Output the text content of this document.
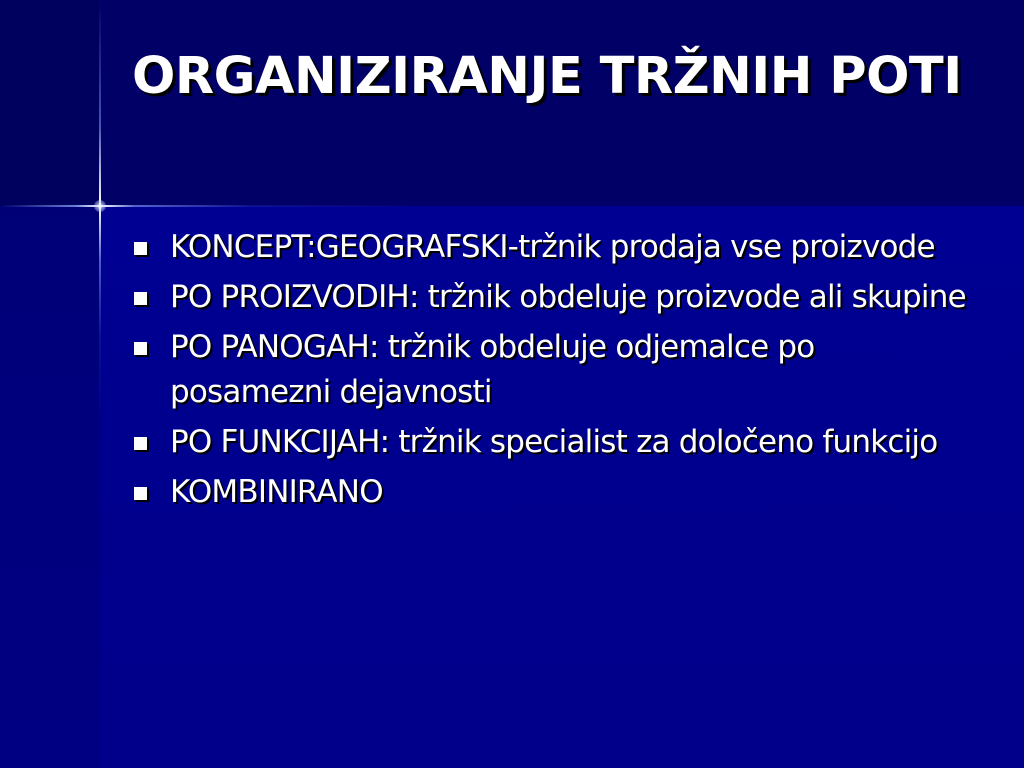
ORGANIZIRANJE TRŽNIH POTI
KONCEPT:GEOGRAFSKI-tržnik prodaja vse proizvode
PO PROIZVODIH: tržnik obdeluje proizvode ali skupine
PO PANOGAH: tržnik obdeluje odjemalce po posamezni dejavnosti
PO FUNKCIJAH: tržnik specialist za določeno funkcijo
KOMBINIRANO
